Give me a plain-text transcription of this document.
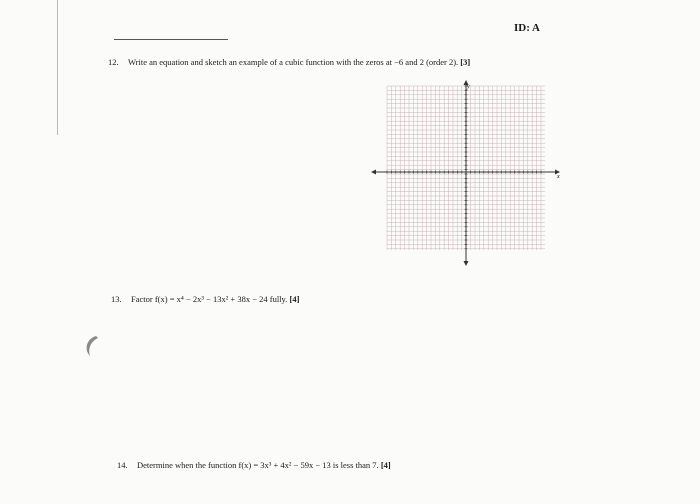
ID: A
12. Write an equation and sketch an example of a cubic function with the zeros at −6 and 2 (order 2). [3]
x
y
13. Factor f(x) = x⁴ − 2x³ − 13x² + 38x − 24 fully. [4]
14. Determine when the function f(x) = 3x³ + 4x² − 59x − 13 is less than 7. [4]
